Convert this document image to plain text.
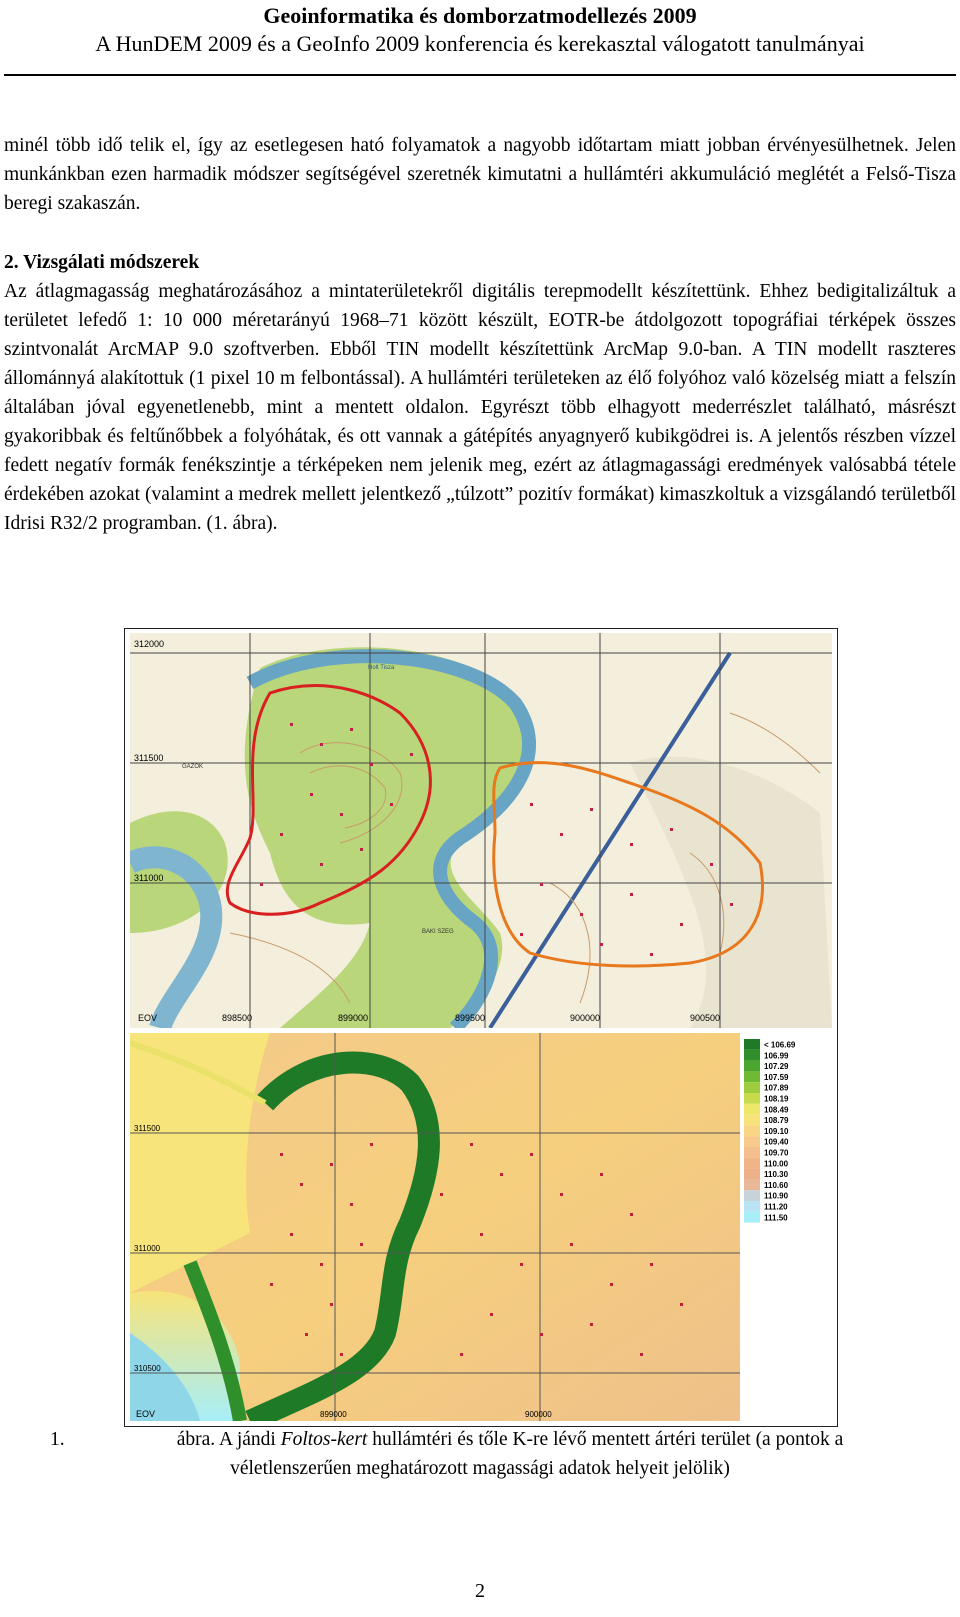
Geoinformatika és domborzatmodellezés 2009
A HunDEM 2009 és a GeoInfo 2009 konferencia és kerekasztal válogatott tanulmányai

minél több idő telik el, így az esetlegesen ható folyamatok a nagyobb időtartam miatt jobban érvényesülhetnek. Jelen munkánkban ezen harmadik módszer segítségével szeretnék kimutatni a hullámtéri akkumuláció meglétét a Felső-Tisza beregi szakaszán.

2. Vizsgálati módszerek

Az átlagmagasság meghatározásához a mintaterületekről digitális terepmodellt készítettünk. Ehhez bedigitalizáltuk a területet lefedő 1: 10 000 méretarányú 1968–71 között készült, EOTR-be átdolgozott topográfiai térképek összes szintvonalát ArcMAP 9.0 szoftverben. Ebből TIN modellt készítettünk ArcMap 9.0-ban. A TIN modellt raszteres állománnyá alakítottuk (1 pixel 10 m felbontással). A hullámtéri területeken az élő folyóhoz való közelség miatt a felszín általában jóval egyenetlenebb, mint a mentett oldalon. Egyrészt több elhagyott mederrészlet található, másrészt gyakoribbak és feltűnőbbek a folyóhátak, és ott vannak a gátépítés anyagnyerő kubikgödrei is. A jelentős részben vízzel fedett negatív formák fenékszintje a térképeken nem jelenik meg, ezért az átlagmagassági eredmények valósabbá tétele érdekében azokat (valamint a medrek mellett jelentkező „túlzott” pozitív formákat) kimaszkoltuk a vizsgálandó területből Idrisi R32/2 programban. (1. ábra).

312000
311500
311000
EOV	898500	899000	899500	900000	900500
Holt Tisza
GAZOK
BAKI SZEG
< 106.69
106.99
107.29
107.59
107.89
108.19
108.49
108.79
109.10
109.40
109.70
110.00
110.30
110.60
110.90
111.20
111.50
311500
311000
310500
EOV	899000	900000
1.	ábra. A jándi Foltos-kert hullámtéri és tőle K-re lévő mentett ártéri terület (a pontok a
véletlenszerűen meghatározott magassági adatok helyeit jelölik)
2
